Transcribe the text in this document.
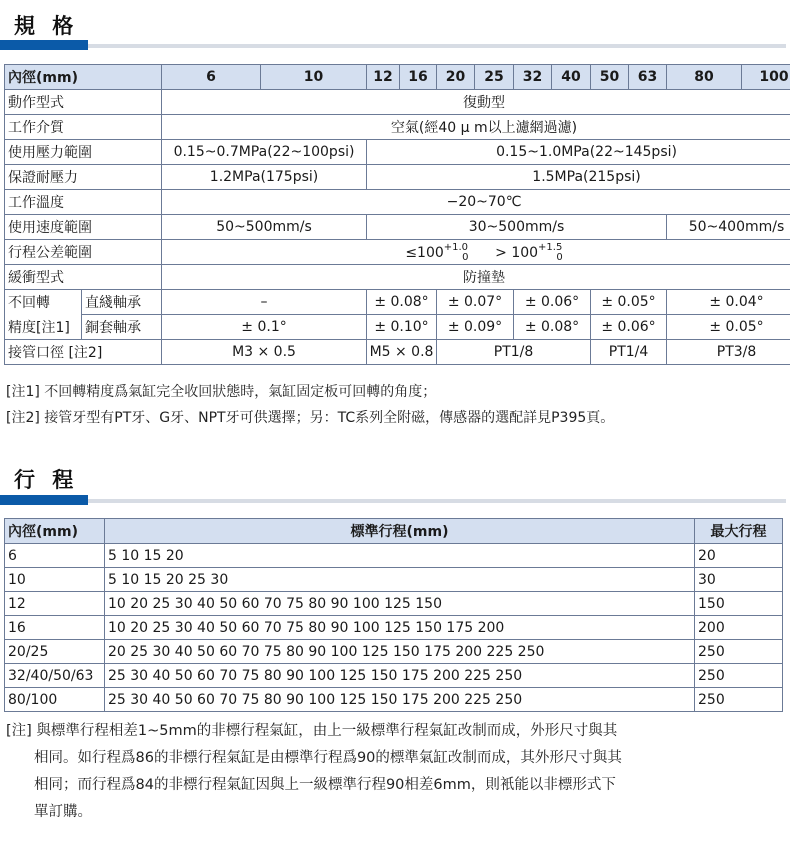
規 格
內徑(mm)		6	10	12	16	20	25	32	40	50	63	80	100
動作型式		復動型											
工作介質		空氣(經40 μ m以上濾網過濾)											
使用壓力範圍		0.15~0.7MPa(22~100psi)		0.15~1.0MPa(22~145psi)									
保證耐壓力		1.2MPa(175psi)		1.5MPa(215psi)									
工作溫度		−20~70℃											
使用速度範圍		50~500mm/s		30~500mm/s								50~400mm/s	
行程公差範圍		$\le 100^{+1.0}_0 > 100^{+1.5}_0$
緩衝型式		防撞墊											
不回轉	直綫軸承	–		± 0.08°		± 0.07°		± 0.06°		± 0.05°		± 0.04°	
精度[注1]	銅套軸承	± 0.1°		± 0.10°		± 0.09°		± 0.08°		± 0.06°		± 0.05°	
接管口徑 [注2]		M3 × 0.5		M5 × 0.8		PT1/8				PT1/4		PT3/8	
[注1] 不回轉精度爲氣缸完全收回狀態時，氣缸固定板可回轉的角度；
[注2] 接管牙型有PT牙、G牙、NPT牙可供選擇；另：TC系列全附磁，傳感器的選配詳見P395頁。
行 程
內徑(mm)	標準行程(mm)	最大行程
6	5 10 15 20	20
10	5 10 15 20 25 30	30
12	10 20 25 30 40 50 60 70 75 80 90 100 125 150	150
16	10 20 25 30 40 50 60 70 75 80 90 100 125 150 175 200	200
20/25	20 25 30 40 50 60 70 75 80 90 100 125 150 175 200 225 250	250
32/40/50/63	25 30 40 50 60 70 75 80 90 100 125 150 175 200 225 250	250
80/100	25 30 40 50 60 70 75 80 90 100 125 150 175 200 225 250	250
[注] 與標準行程相差1~5mm的非標行程氣缸，由上一級標準行程氣缸改制而成，外形尺寸與其
相同。如行程爲86的非標行程氣缸是由標準行程爲90的標準氣缸改制而成，其外形尺寸與其
相同；而行程爲84的非標行程氣缸因與上一級標準行程90相差6mm，則衹能以非標形式下
單訂購。
